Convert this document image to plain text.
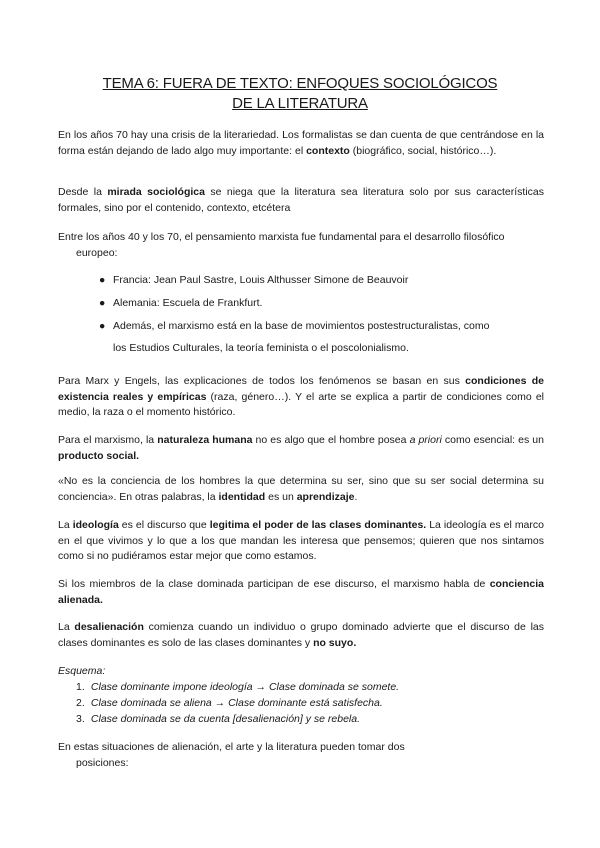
TEMA 6: FUERA DE TEXTO: ENFOQUES SOCIOLÓGICOS
DE LA LITERATURA
En los años 70 hay una crisis de la literariedad. Los formalistas se dan cuenta de que centrándose en la forma están dejando de lado algo muy importante: el contexto (biográfico, social, histórico…).
Desde la mirada sociológica se niega que la literatura sea literatura solo por sus características formales, sino por el contenido, contexto, etcétera
Entre los años 40 y los 70, el pensamiento marxista fue fundamental para el desarrollo filosófico
europeo:
● Francia: Jean Paul Sastre, Louis Althusser Simone de Beauvoir
● Alemania: Escuela de Frankfurt.
● Además, el marxismo está en la base de movimientos postestructuralistas, como
los Estudios Culturales, la teoría feminista o el poscolonialismo.
Para Marx y Engels, las explicaciones de todos los fenómenos se basan en sus condiciones de existencia reales y empíricas (raza, género…). Y el arte se explica a partir de condiciones como el medio, la raza o el momento histórico.
Para el marxismo, la naturaleza humana no es algo que el hombre posea a priori como esencial: es un producto social.
«No es la conciencia de los hombres la que determina su ser, sino que su ser social determina su conciencia». En otras palabras, la identidad es un aprendizaje.
La ideología es el discurso que legitima el poder de las clases dominantes. La ideología es el marco en el que vivimos y lo que a los que mandan les interesa que pensemos; quieren que nos sintamos como si no pudiéramos estar mejor que como estamos.
Si los miembros de la clase dominada participan de ese discurso, el marxismo habla de conciencia alienada.
La desalienación comienza cuando un individuo o grupo dominado advierte que el discurso de las clases dominantes es solo de las clases dominantes y no suyo.
Esquema:
1. Clase dominante impone ideología → Clase dominada se somete.
2. Clase dominada se aliena → Clase dominante está satisfecha.
3. Clase dominada se da cuenta [desalienación] y se rebela.
En estas situaciones de alienación, el arte y la literatura pueden tomar dos
posiciones:
